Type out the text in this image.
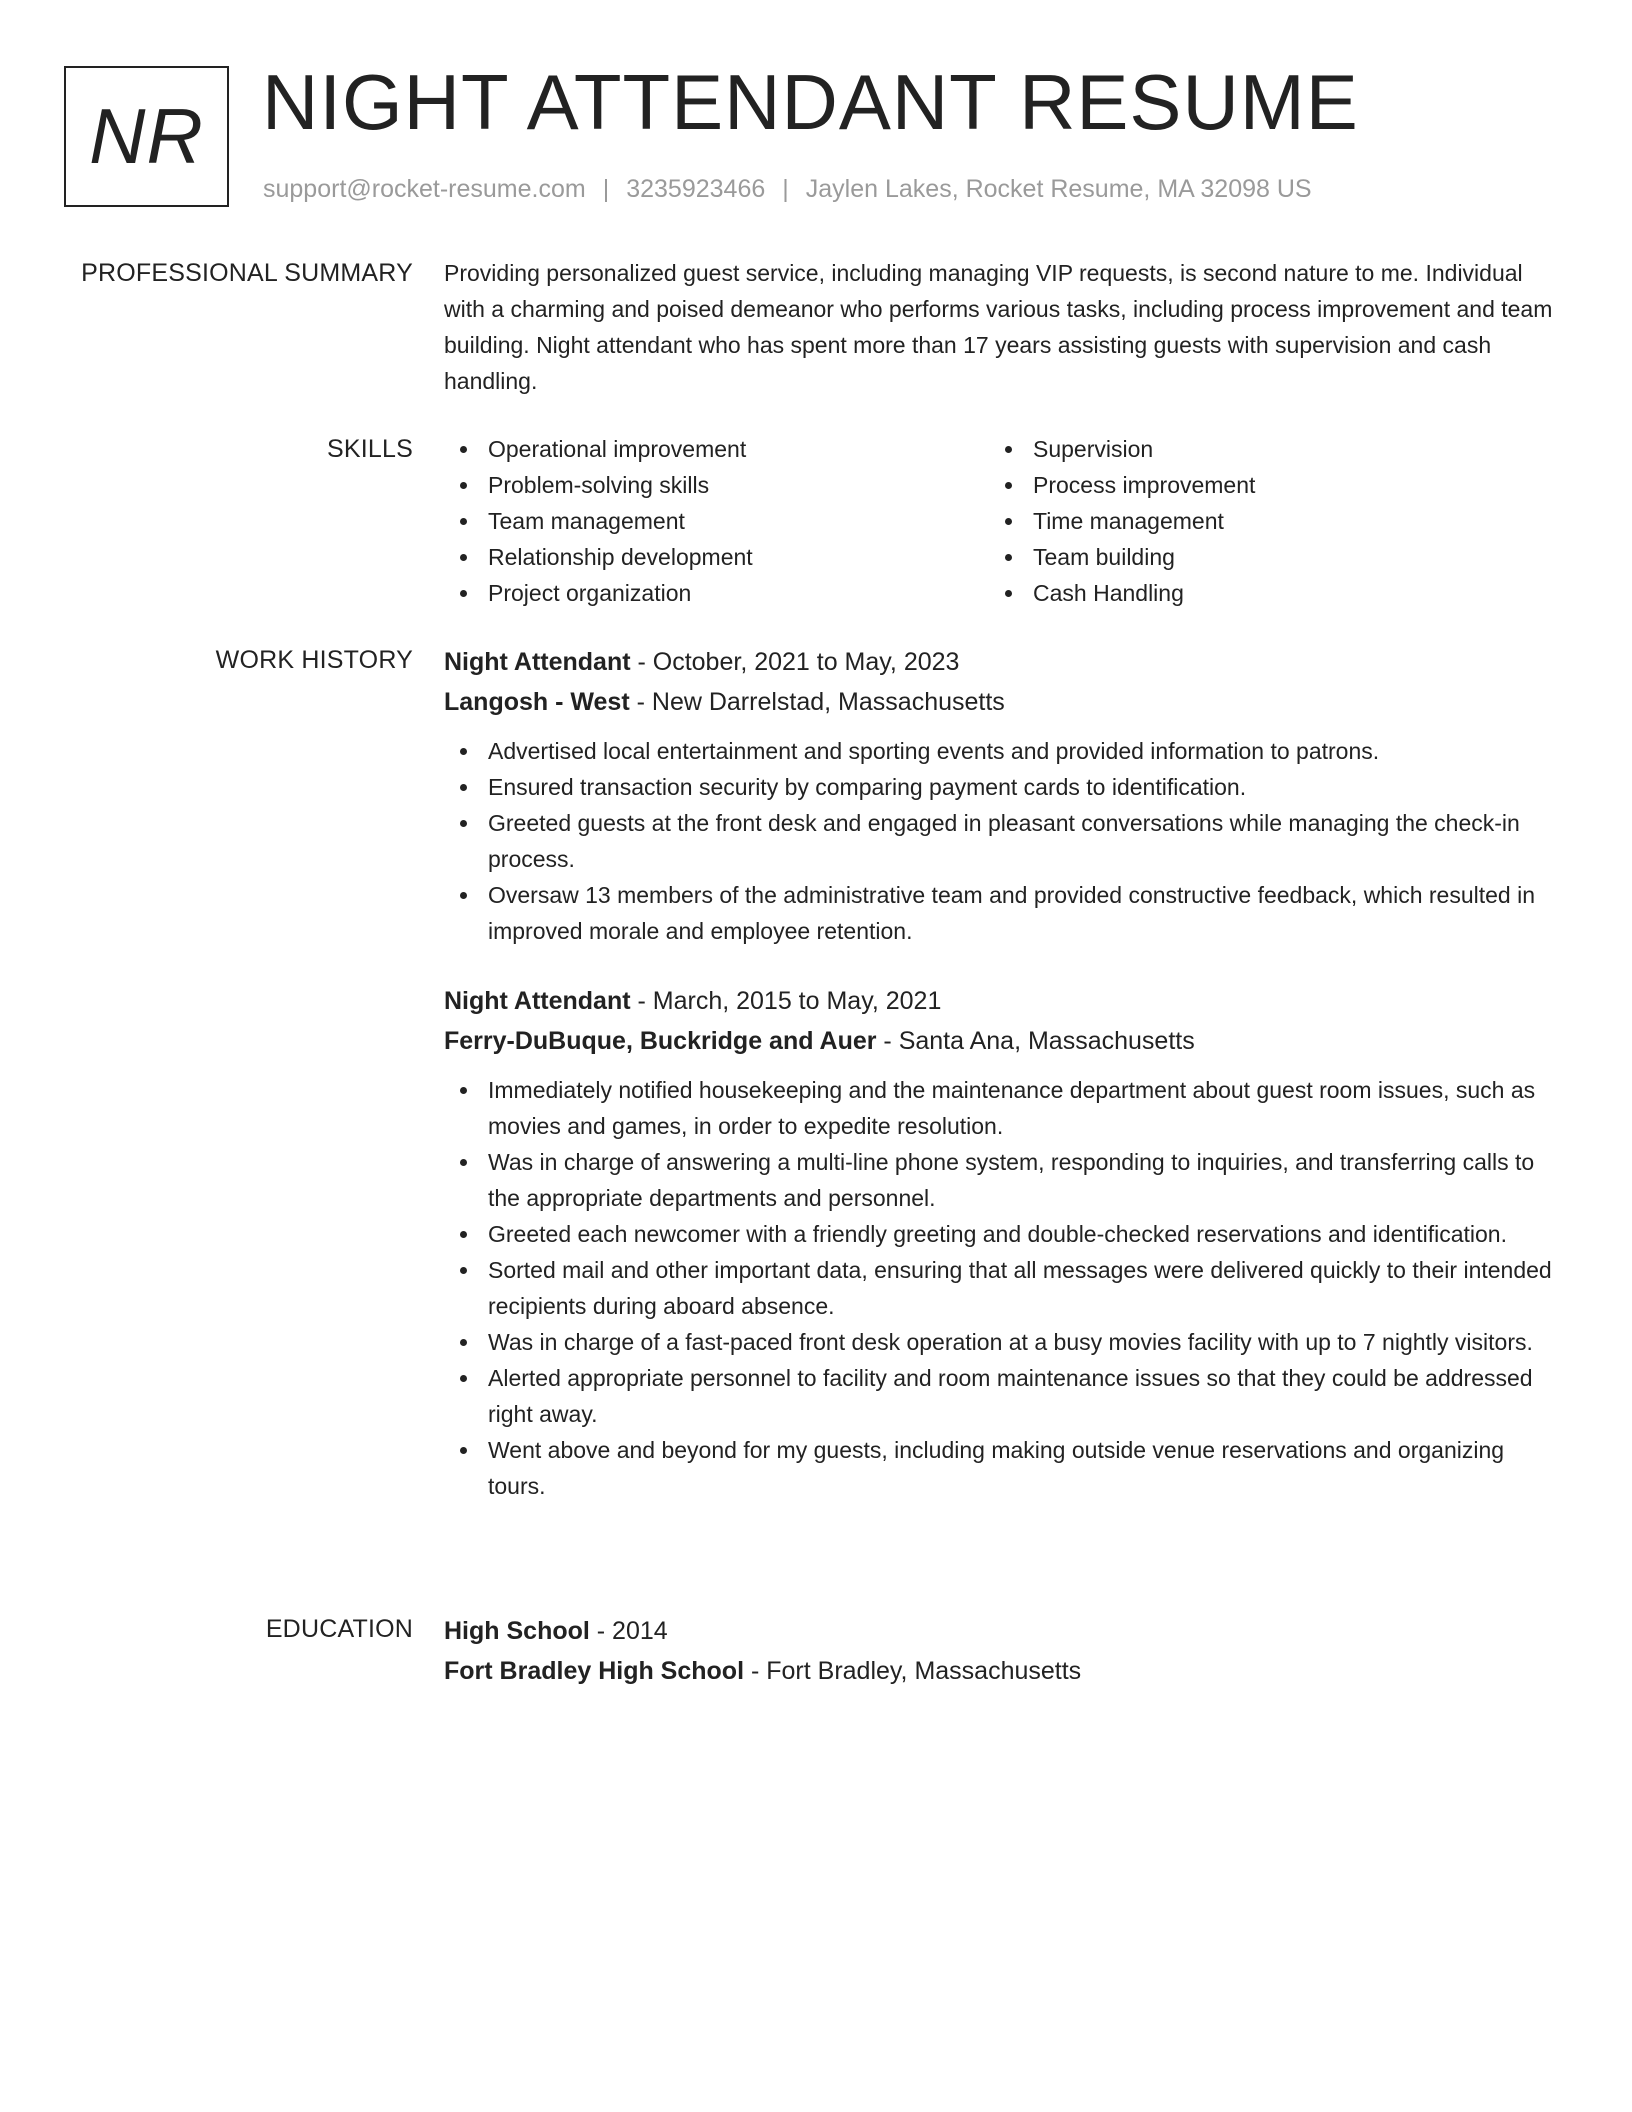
NR NIGHT ATTENDANT RESUME
support@rocket-resume.com | 3235923466 | Jaylen Lakes, Rocket Resume, MA 32098 US
PROFESSIONAL SUMMARY Providing personalized guest service, including managing VIP requests, is second nature to me. Individual with a charming and poised demeanor who performs various tasks, including process improvement and team building. Night attendant who has spent more than 17 years assisting guests with supervision and cash handling.

SKILLS	Operational improvement
Problem-solving skills
Team management
Relationship development
Project organization
Supervision
Process improvement
Time management
Team building
Cash Handling
WORK HISTORY Night Attendant - October, 2021 to May, 2023
Langosh - West - New Darrelstad, Massachusetts
Advertised local entertainment and sporting events and provided information to patrons.
Ensured transaction security by comparing payment cards to identification.
Greeted guests at the front desk and engaged in pleasant conversations while managing the check-in process.
Oversaw 13 members of the administrative team and provided constructive feedback, which resulted in improved morale and employee retention.
Night Attendant - March, 2015 to May, 2021
Ferry-DuBuque, Buckridge and Auer - Santa Ana, Massachusetts
Immediately notified housekeeping and the maintenance department about guest room issues, such as movies and games, in order to expedite resolution.
Was in charge of answering a multi-line phone system, responding to inquiries, and transferring calls to the appropriate departments and personnel.
Greeted each newcomer with a friendly greeting and double-checked reservations and identification.
Sorted mail and other important data, ensuring that all messages were delivered quickly to their intended recipients during aboard absence.
Was in charge of a fast-paced front desk operation at a busy movies facility with up to 7 nightly visitors.
Alerted appropriate personnel to facility and room maintenance issues so that they could be addressed right away.
Went above and beyond for my guests, including making outside venue reservations and organizing tours.
EDUCATION High School - 2014
Fort Bradley High School - Fort Bradley, Massachusetts
